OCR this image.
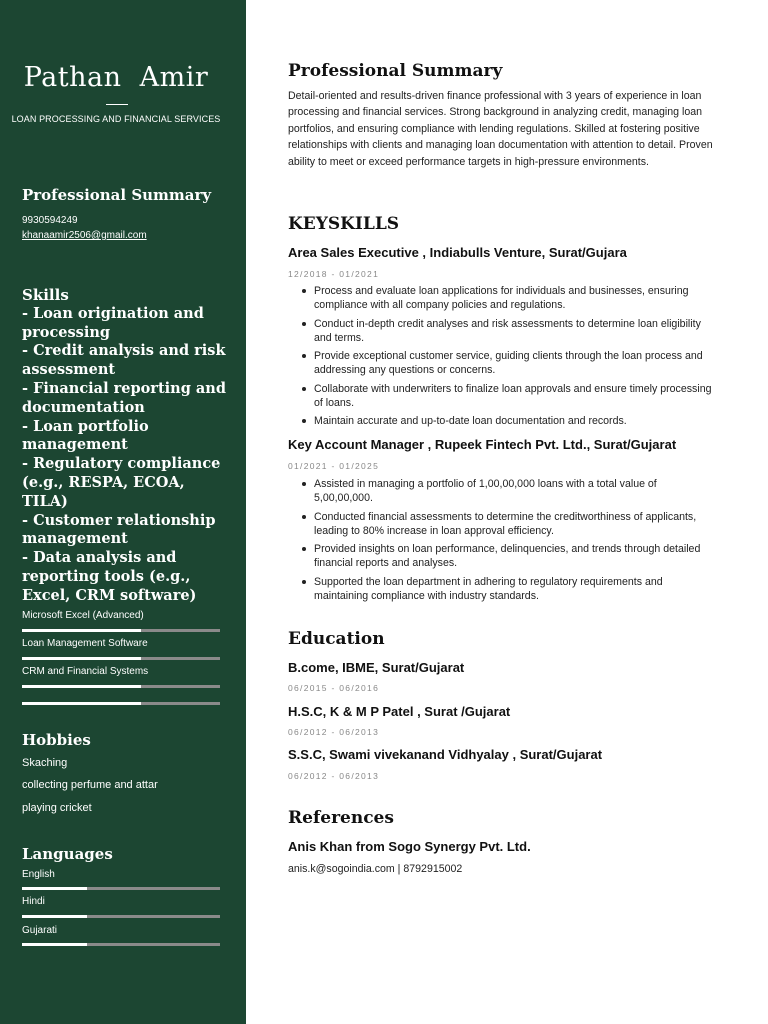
Pathan  Amir
LOAN PROCESSING AND FINANCIAL SERVICES
Professional Summary
9930594249
khanaamir2506@gmail.com
Skills
- Loan origination and processing
- Credit analysis and risk assessment
- Financial reporting and documentation
- Loan portfolio management
- Regulatory compliance (e.g., RESPA, ECOA, TILA)
- Customer relationship management
- Data analysis and reporting tools (e.g., Excel, CRM software)
Microsoft Excel (Advanced)
Loan Management Software
CRM and Financial Systems
Hobbies
Skaching
collecting perfume and attar
playing cricket
Languages
English
Hindi
Gujarati
Professional Summary

Detail-oriented and results-driven finance professional with 3 years of experience in loan processing and financial services. Strong background in analyzing credit, managing loan portfolios, and ensuring compliance with lending regulations. Skilled at fostering positive relationships with clients and managing loan documentation with attention to detail. Proven ability to meet or exceed performance targets in high-pressure environments.

KEYSKILLS
Area Sales Executive , Indiabulls Venture, Surat/Gujara
12/2018 - 01/2021
Process and evaluate loan applications for individuals and businesses, ensuring compliance with all company policies and regulations.
Conduct in-depth credit analyses and risk assessments to determine loan eligibility and terms.
Provide exceptional customer service, guiding clients through the loan process and addressing any questions or concerns.
Collaborate with underwriters to finalize loan approvals and ensure timely processing of loans.
Maintain accurate and up-to-date loan documentation and records.
Key Account Manager , Rupeek Fintech Pvt. Ltd., Surat/Gujarat
01/2021 - 01/2025
Assisted in managing a portfolio of 1,00,00,000 loans with a total value of 5,00,00,000.
Conducted financial assessments to determine the creditworthiness of applicants, leading to 80% increase in loan approval efficiency.
Provided insights on loan performance, delinquencies, and trends through detailed financial reports and analyses.
Supported the loan department in adhering to regulatory requirements and maintaining compliance with industry standards.
Education
B.come, IBME, Surat/Gujarat
06/2015 - 06/2016
H.S.C, K & M P Patel , Surat /Gujarat
06/2012 - 06/2013
S.S.C, Swami vivekanand Vidhyalay , Surat/Gujarat
06/2012 - 06/2013
References
Anis Khan from Sogo Synergy Pvt. Ltd.
anis.k@sogoindia.com | 8792915002
